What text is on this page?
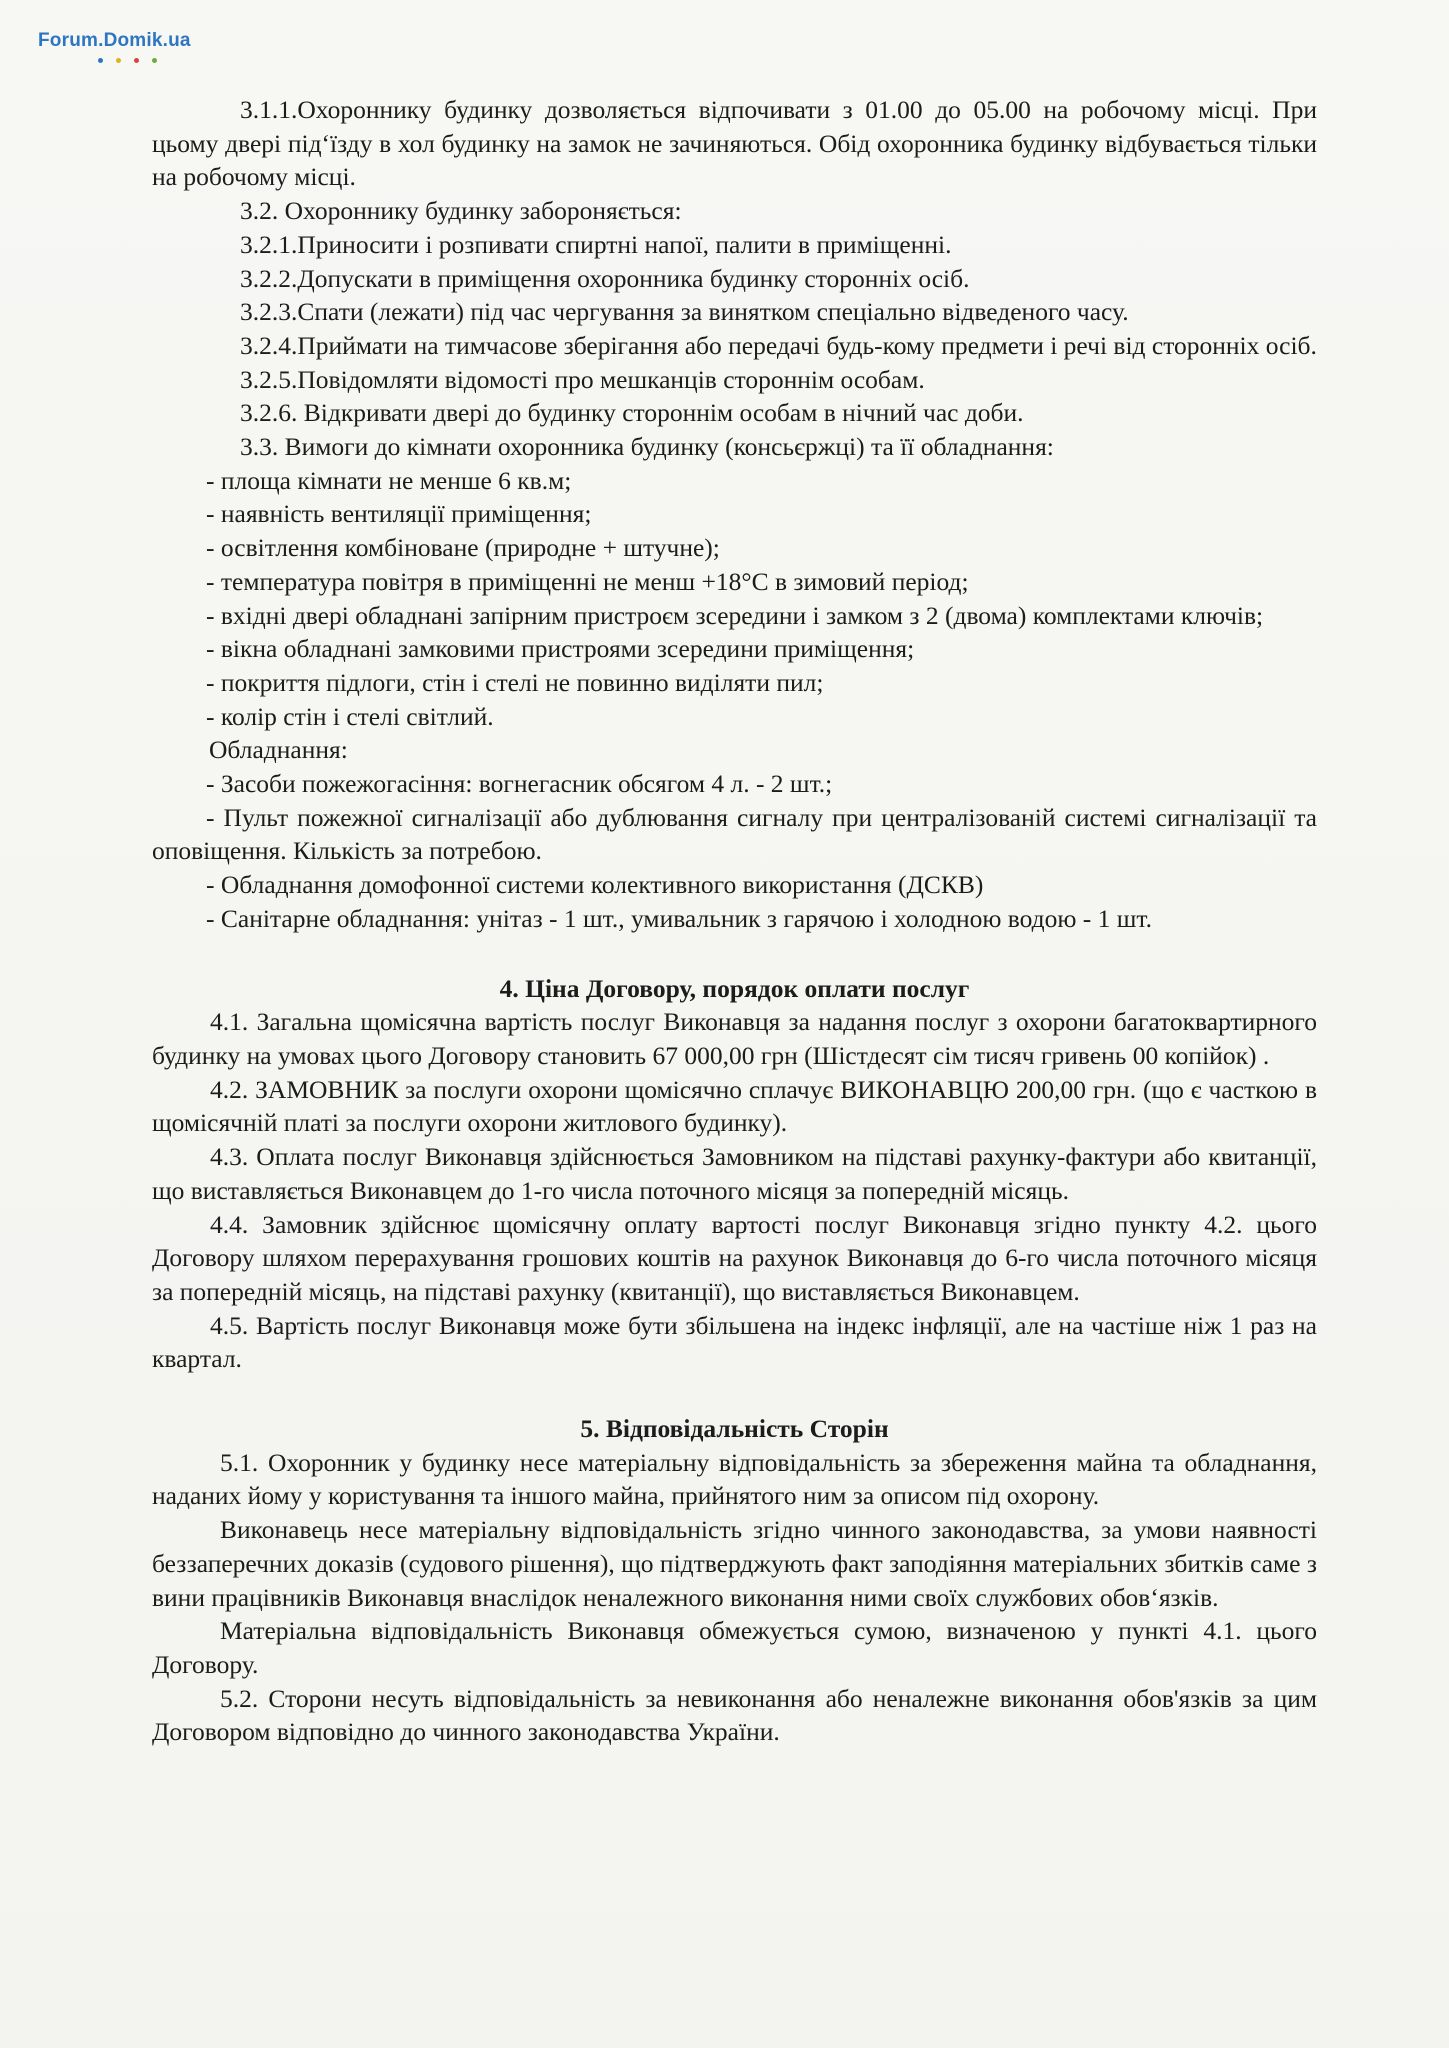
Forum.Domik.ua

3.1.1.Охороннику будинку дозволяється відпочивати з 01.00 до 05.00 на робочому місці. При цьому двері під‘їзду в хол будинку на замок не зачиняються. Обід охоронника будинку відбувається тільки на робочому місці.

3.2. Охороннику будинку забороняється:

3.2.1.Приносити і розпивати спиртні напої, палити в приміщенні.

3.2.2.Допускати в приміщення охоронника будинку сторонніх осіб.

3.2.3.Спати (лежати) під час чергування за винятком спеціально відведеного часу.

3.2.4.Приймати на тимчасове зберігання або передачі будь-кому предмети і речі від сторонніх осіб.

3.2.5.Повідомляти відомості про мешканців стороннім особам.

3.2.6. Відкривати двері до будинку стороннім особам в нічний час доби.

3.3. Вимоги до кімнати охоронника будинку (консьєржці) та її обладнання:

- площа кімнати не менше 6 кв.м;

- наявність вентиляції приміщення;

- освітлення комбіноване (природне + штучне);

- температура повітря в приміщенні не менш +18°С в зимовий період;

- вхідні двері обладнані запірним пристроєм зсередини і замком з 2 (двома) комплектами ключів;

- вікна обладнані замковими пристроями зсередини приміщення;

- покриття підлоги, стін і стелі не повинно виділяти пил;

- колір стін і стелі світлий.

Обладнання:

- Засоби пожежогасіння: вогнегасник обсягом 4 л. - 2 шт.;

- Пульт пожежної сигналізації або дублювання сигналу при централізованій системі сигналізації та оповіщення. Кількість за потребою.

- Обладнання домофонної системи колективного використання (ДСКВ)

- Санітарне обладнання: унітаз - 1 шт., умивальник з гарячою і холодною водою - 1 шт.

4. Ціна Договору, порядок оплати послуг

4.1. Загальна щомісячна вартість послуг Виконавця за надання послуг з охорони багатоквартирного будинку на умовах цього Договору становить 67 000,00 грн (Шістдесят сім тисяч гривень 00 копійок) .

4.2. ЗАМОВНИК за послуги охорони щомісячно сплачує ВИКОНАВЦЮ 200,00 грн. (що є часткою в щомісячній платі за послуги охорони житлового будинку).

4.3. Оплата послуг Виконавця здійснюється Замовником на підставі рахунку-фактури або квитанції, що виставляється Виконавцем до 1-го числа поточного місяця за попередній місяць.

4.4. Замовник здійснює щомісячну оплату вартості послуг Виконавця згідно пункту 4.2. цього Договору шляхом перерахування грошових коштів на рахунок Виконавця до 6-го числа поточного місяця за попередній місяць, на підставі рахунку (квитанції), що виставляється Виконавцем.

4.5. Вартість послуг Виконавця може бути збільшена на індекс інфляції, але на частіше ніж 1 раз на квартал.

5. Відповідальність Сторін

5.1. Охоронник у будинку несе матеріальну відповідальність за збереження майна та обладнання, наданих йому у користування та іншого майна, прийнятого ним за описом під охорону.

Виконавець несе матеріальну відповідальність згідно чинного законодавства, за умови наявності беззаперечних доказів (судового рішення), що підтверджують факт заподіяння матеріальних збитків саме з вини працівників Виконавця внаслідок неналежного виконання ними своїх службових обов‘язків.

Матеріальна відповідальність Виконавця обмежується сумою, визначеною у пункті 4.1. цього Договору.

5.2. Сторони несуть відповідальність за невиконання або неналежне виконання обов'язків за цим Договором відповідно до чинного законодавства України.
